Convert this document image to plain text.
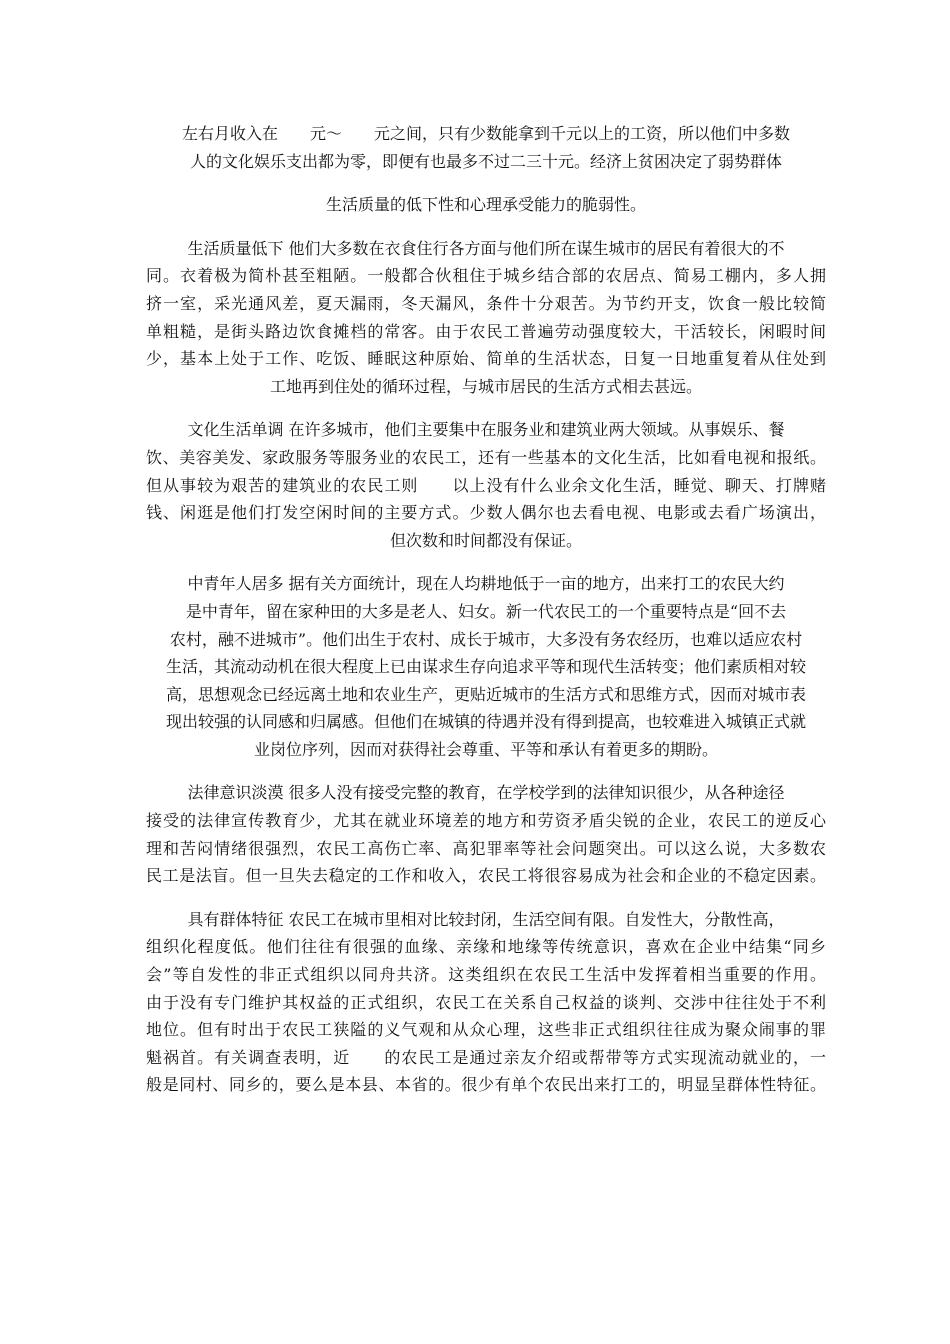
左右月收入在　　元～　　元之间，只有少数能拿到千元以上的工资，所以他们中多数
人的文化娱乐支出都为零，即便有也最多不过二三十元。经济上贫困决定了弱势群体
生活质量的低下性和心理承受能力的脆弱性。
生活质量低下 他们大多数在衣食住行各方面与他们所在谋生城市的居民有着很大的不
同。衣着极为简朴甚至粗陋。一般都合伙租住于城乡结合部的农居点、简易工棚内，多人拥
挤一室，采光通风差，夏天漏雨，冬天漏风，条件十分艰苦。为节约开支，饮食一般比较简
单粗糙，是街头路边饮食摊档的常客。由于农民工普遍劳动强度较大，干活较长，闲暇时间
少，基本上处于工作、吃饭、睡眠这种原始、简单的生活状态，日复一日地重复着从住处到
工地再到住处的循环过程，与城市居民的生活方式相去甚远。
文化生活单调 在许多城市，他们主要集中在服务业和建筑业两大领域。从事娱乐、餐
饮、美容美发、家政服务等服务业的农民工，还有一些基本的文化生活，比如看电视和报纸。
但从事较为艰苦的建筑业的农民工则　　以上没有什么业余文化生活，睡觉、聊天、打牌赌
钱、闲逛是他们打发空闲时间的主要方式。少数人偶尔也去看电视、电影或去看广场演出，
但次数和时间都没有保证。
中青年人居多 据有关方面统计，现在人均耕地低于一亩的地方，出来打工的农民大约
是中青年，留在家种田的大多是老人、妇女。新一代农民工的一个重要特点是“回不去
农村，融不进城市”。他们出生于农村、成长于城市，大多没有务农经历，也难以适应农村
生活，其流动动机在很大程度上已由谋求生存向追求平等和现代生活转变；他们素质相对较
高，思想观念已经远离土地和农业生产，更贴近城市的生活方式和思维方式，因而对城市表
现出较强的认同感和归属感。但他们在城镇的待遇并没有得到提高，也较难进入城镇正式就
业岗位序列，因而对获得社会尊重、平等和承认有着更多的期盼。
法律意识淡漠 很多人没有接受完整的教育，在学校学到的法律知识很少，从各种途径
接受的法律宣传教育少，尤其在就业环境差的地方和劳资矛盾尖锐的企业，农民工的逆反心
理和苦闷情绪很强烈，农民工高伤亡率、高犯罪率等社会问题突出。可以这么说，大多数农
民工是法盲。但一旦失去稳定的工作和收入，农民工将很容易成为社会和企业的不稳定因素。
具有群体特征 农民工在城市里相对比较封闭，生活空间有限。自发性大，分散性高，
组织化程度低。他们往往有很强的血缘、亲缘和地缘等传统意识，喜欢在企业中结集“同乡
会”等自发性的非正式组织以同舟共济。这类组织在农民工生活中发挥着相当重要的作用。
由于没有专门维护其权益的正式组织，农民工在关系自己权益的谈判、交涉中往往处于不利
地位。但有时出于农民工狭隘的义气观和从众心理，这些非正式组织往往成为聚众闹事的罪
魁祸首。有关调查表明，近　　的农民工是通过亲友介绍或帮带等方式实现流动就业的，一
般是同村、同乡的，要么是本县、本省的。很少有单个农民出来打工的，明显呈群体性特征。
